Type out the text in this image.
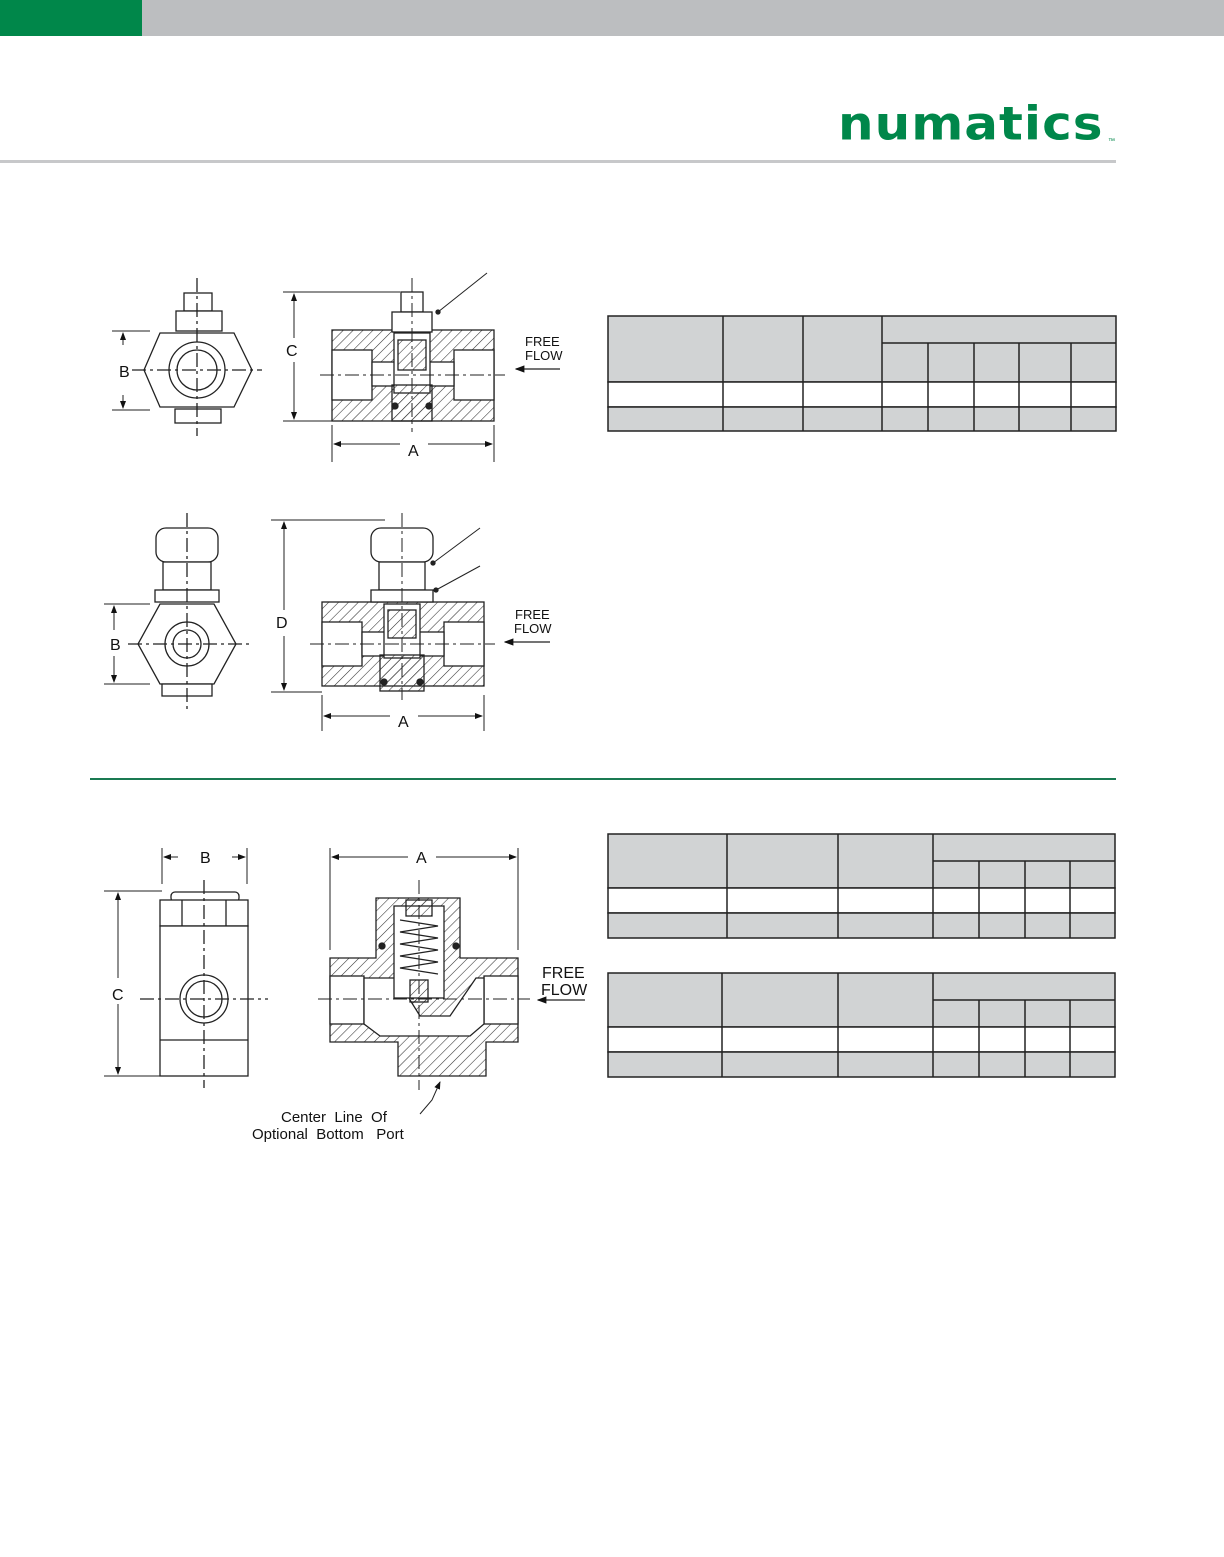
numatics ™
B
C
A
FREE
FLOW
B
D
A
FREE
FLOW
B
C
A
FREE
FLOW
Center  Line  Of
Optional  Bottom   Port
